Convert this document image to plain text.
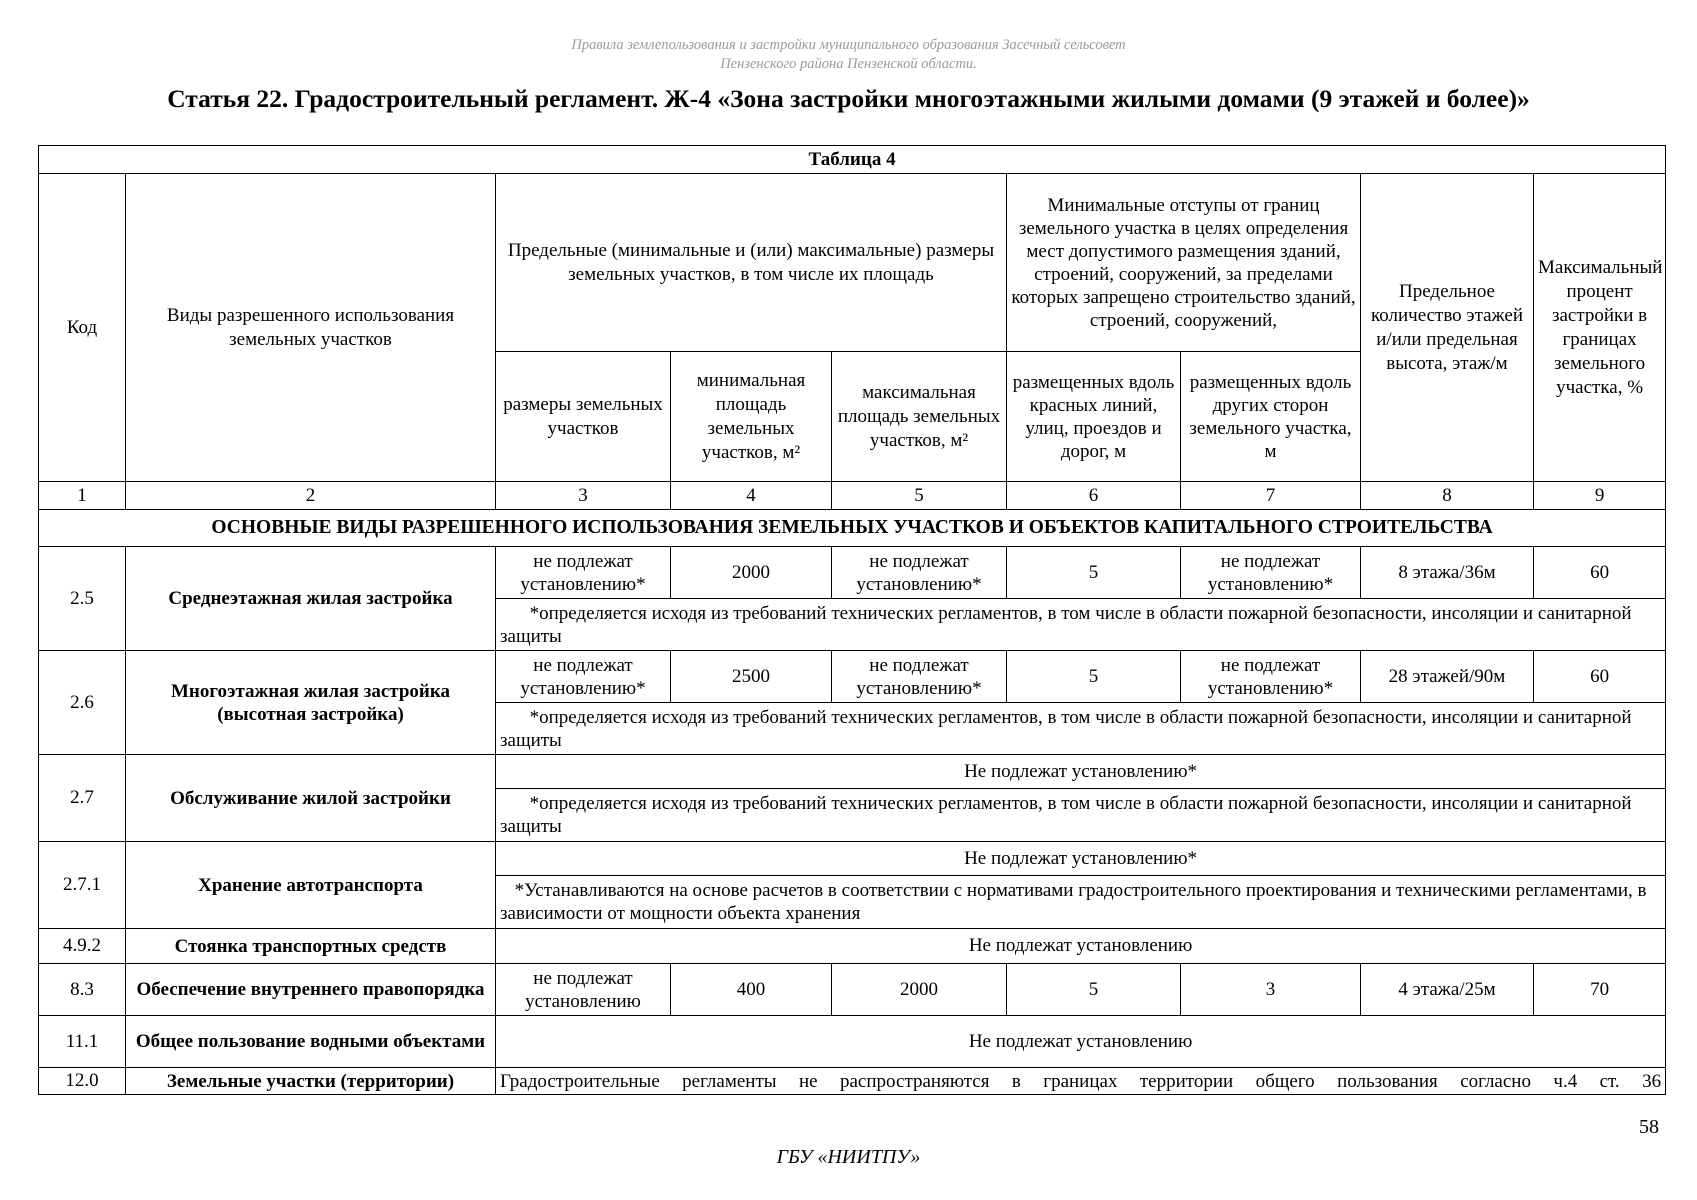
Правила землепользования и застройки муниципального образования Засечный сельсовет
Пензенского района Пензенской области.
Статья 22. Градостроительный регламент. Ж-4 «Зона застройки многоэтажными жилыми домами (9 этажей и более)»
Таблица 4								
Код	Виды разрешенного использования земельных участков	Предельные (минимальные и (или) максимальные) размеры земельных участков, в том числе их площадь			Минимальные отступы от границ земельного участка в целях определения мест допустимого размещения зданий, строений, сооружений, за пределами которых запрещено строительство зданий, строений, сооружений,		Предельное количество этажей и/или предельная высота, этаж/м	Максимальный процент застройки в границах земельного участка, %
		размеры земельных участков	минимальная площадь земельных участков, м²	максимальная площадь земельных участков, м²	размещенных вдоль красных линий, улиц, проездов и дорог, м	размещенных вдоль других сторон земельного участка, м		
1	2	3	4	5	6	7	8	9
ОСНОВНЫЕ ВИДЫ РАЗРЕШЕННОГО ИСПОЛЬЗОВАНИЯ ЗЕМЕЛЬНЫХ УЧАСТКОВ И ОБЪЕКТОВ КАПИТАЛЬНОГО СТРОИТЕЛЬСТВА								
2.5	Среднеэтажная жилая застройка	не подлежат установлению*	2000	не подлежат установлению*	5	не подлежат установлению*	8 этажа/36м	60
		*определяется исходя из требований технических регламентов, в том числе в области пожарной безопасности, инсоляции и санитарной защиты						
2.6	Многоэтажная жилая застройка (высотная застройка)	не подлежат установлению*	2500	не подлежат установлению*	5	не подлежат установлению*	28 этажей/90м	60
		*определяется исходя из требований технических регламентов, в том числе в области пожарной безопасности, инсоляции и санитарной защиты						
2.7	Обслуживание жилой застройки	Не подлежат установлению*						
		*определяется исходя из требований технических регламентов, в том числе в области пожарной безопасности, инсоляции и санитарной защиты						
2.7.1	Хранение автотранспорта	Не подлежат установлению*						
		*Устанавливаются на основе расчетов в соответствии с нормативами градостроительного проектирования и техническими регламентами, в зависимости от мощности объекта хранения						
4.9.2	Стоянка транспортных средств	Не подлежат установлению						
8.3	Обеспечение внутреннего правопорядка	не подлежат установлению	400	2000	5	3	4 этажа/25м	70
11.1	Общее пользование водными объектами	Не подлежат установлению						
12.0	Земельные участки (территории)	Градостроительные регламенты не распространяются в границах территории общего пользования согласно ч.4 ст. 36						
58
ГБУ «НИИТПУ»
